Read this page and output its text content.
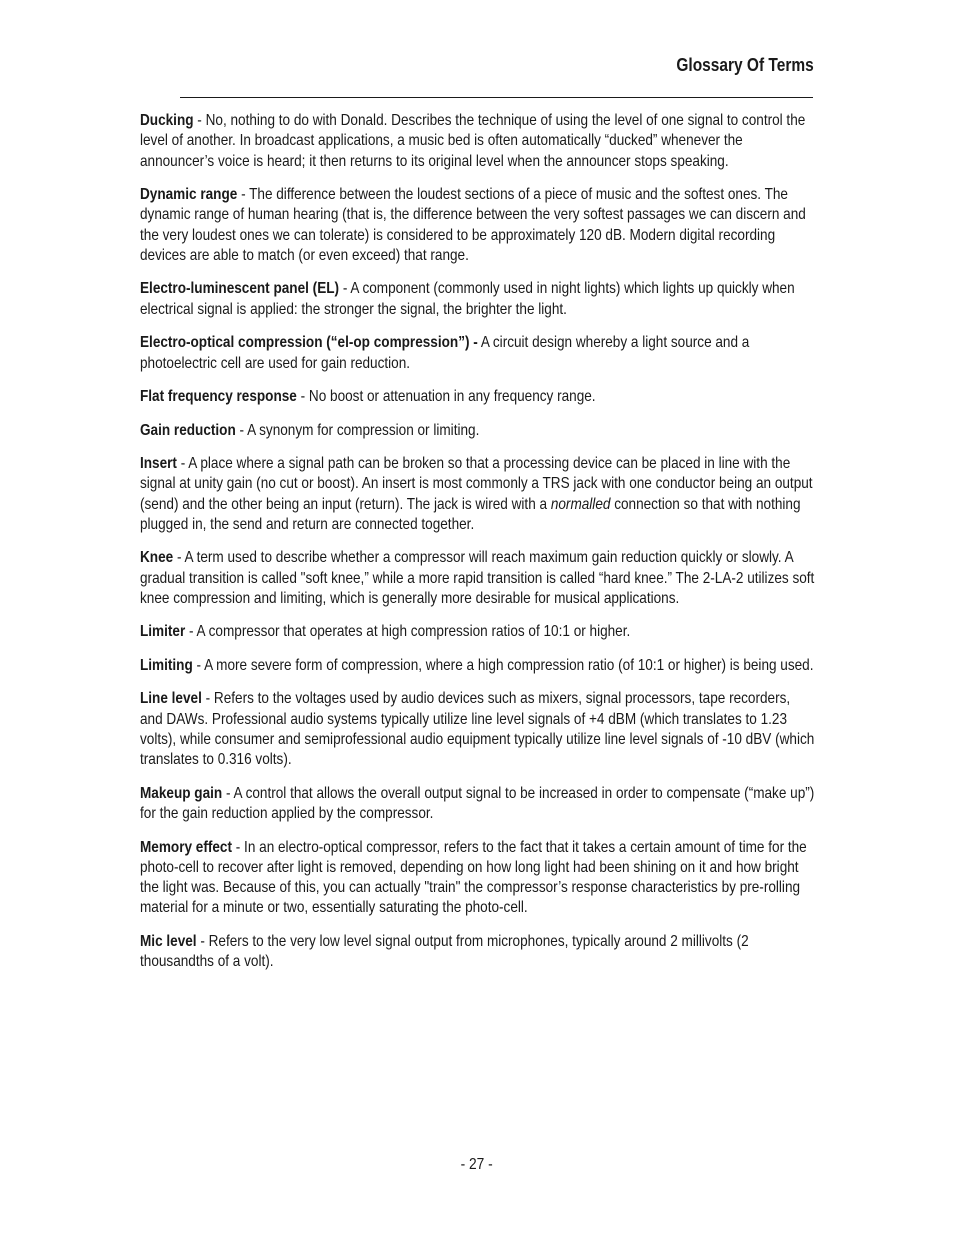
Glossary Of Terms

Ducking - No, nothing to do with Donald. Describes the technique of using the level of one signal to control the level of another. In broadcast applications, a music bed is often automatically “ducked” whenever the announcer’s voice is heard; it then returns to its original level when the announcer stops speaking.

Dynamic range - The difference between the loudest sections of a piece of music and the softest ones. The dynamic range of human hearing (that is, the difference between the very softest passages we can discern and the very loudest ones we can tolerate) is considered to be approximately 120 dB. Modern digital recording devices are able to match (or even exceed) that range.

Electro-luminescent panel (EL) - A component (commonly used in night lights) which lights up quickly when electrical signal is applied: the stronger the signal, the brighter the light.

Electro-optical compression (“el-op compression”) - A circuit design whereby a light source and a photoelectric cell are used for gain reduction.

Flat frequency response - No boost or attenuation in any frequency range.

Gain reduction - A synonym for compression or limiting.

Insert - A place where a signal path can be broken so that a processing device can be placed in line with the signal at unity gain (no cut or boost). An insert is most commonly a TRS jack with one conductor being an output (send) and the other being an input (return). The jack is wired with a normalled connection so that with nothing plugged in, the send and return are connected together.

Knee - A term used to describe whether a compressor will reach maximum gain reduction quickly or slowly. A gradual transition is called "soft knee,” while a more rapid transition is called “hard knee.” The 2-LA-2 utilizes soft knee compression and limiting, which is generally more desirable for musical applications.

Limiter - A compressor that operates at high compression ratios of 10:1 or higher.

Limiting - A more severe form of compression, where a high compression ratio (of 10:1 or higher) is being used.

Line level - Refers to the voltages used by audio devices such as mixers, signal processors, tape recorders, and DAWs. Professional audio systems typically utilize line level signals of +4 dBM (which translates to 1.23 volts), while consumer and semiprofessional audio equipment typically utilize line level signals of -10 dBV (which translates to 0.316 volts).

Makeup gain - A control that allows the overall output signal to be increased in order to compensate (“make up”) for the gain reduction applied by the compressor.

Memory effect - In an electro-optical compressor, refers to the fact that it takes a certain amount of time for the photo-cell to recover after light is removed, depending on how long light had been shining on it and how bright the light was. Because of this, you can actually "train" the compressor’s response characteristics by pre-rolling material for a minute or two, essentially saturating the photo-cell.

Mic level - Refers to the very low level signal output from microphones, typically around 2 millivolts (2 thousandths of a volt).

- 27 -
